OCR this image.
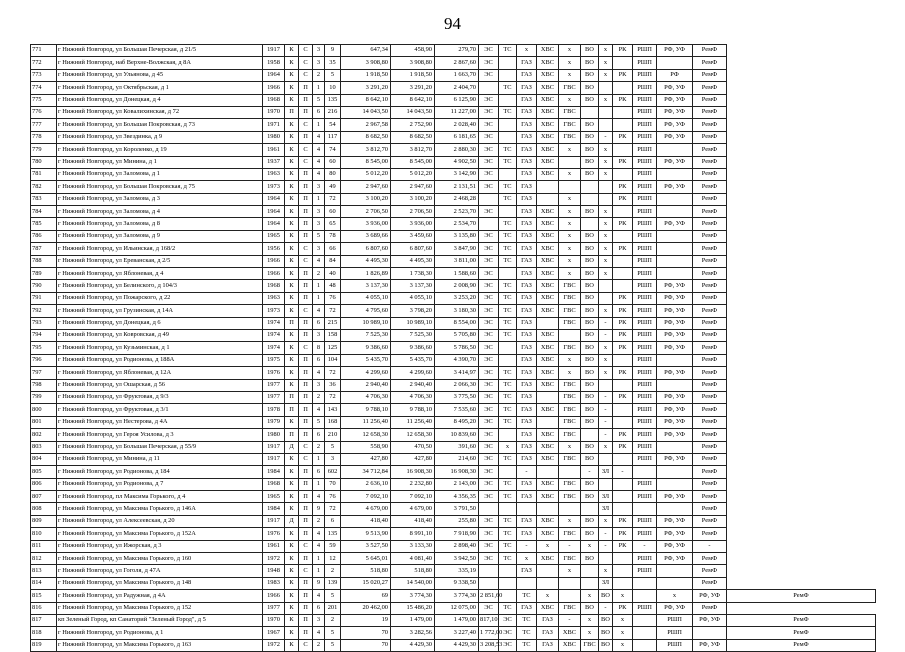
94
771	г Нижний Новгород, ул Большая Печерская, д 21/5	1917	К	С	3	9	647,34	458,90	279,70	ЭС	ТС	х	ХВС	х	ВО	х	РК	РШП	РФ, УФ	РемФ	
772	г Нижний Новгород, наб Верхне-Волжская, д 8А	1958	К	С	3	35	3 908,80	3 908,80	2 867,60	ЭС		ГАЗ	ХВС	х	ВО	х		РШП		РемФ	
773	г Нижний Новгород, ул Ульянова, д 45	1964	К	С	2	5	1 918,50	1 918,50	1 663,70	ЭС		ГАЗ	ХВС	х	ВО	х	РК	РШП	РФ	РемФ	
774	г Нижний Новгород, ул Октябрьская, д 1	1966	К	П	1	10	3 291,20	3 291,20	2 404,70		ТС	ГАЗ	ХВС	ГВС	ВО			РШП	РФ, УФ	РемФ	
775	г Нижний Новгород, ул Донецкая, д 4	1968	К	П	5	135	8 642,10	8 642,10	6 125,90	ЭС		ГАЗ	ХВС	х	ВО	х	РК	РШП	РФ, УФ	РемФ	
776	г Нижний Новгород, ул Ковалихинская, д 72	1970	П	П	6	216	14 043,50	14 043,50	11 227,00	ЭС	ТС	ГАЗ	ХВС	ГВС				РШП	РФ, УФ	РемФ	
777	г Нижний Новгород, ул Большая Покровская, д 73	1971	К	С	1	54	2 967,58	2 752,90	2 028,40	ЭС		ГАЗ	ХВС	ГВС	ВО			РШП	РФ, УФ	РемФ	
778	г Нижний Новгород, ул Звездинка, д 9	1980	К	П	4	117	8 682,50	8 682,50	6 181,65	ЭС		ГАЗ	ХВС	ГВС	ВО	-	РК	РШП	РФ, УФ	РемФ	
779	г Нижний Новгород, ул Короленко, д 19	1961	К	С	4	74	3 812,70	3 812,70	2 880,30	ЭС	ТС	ГАЗ	ХВС	х	ВО	х		РШП		РемФ	
780	г Нижний Новгород, ул Минина, д 1	1937	К	С	4	60	8 545,00	8 545,00	4 902,50	ЭС	ТС	ГАЗ	ХВС		ВО	х	РК	РШП	РФ, УФ	РемФ	
781	г Нижний Новгород, ул Заломова, д 1	1963	К	П	4	80	5 012,20	5 012,20	3 142,90	ЭС		ГАЗ	ХВС	х	ВО	х		РШП		РемФ	
782	г Нижний Новгород, ул Большая Покровская, д 75	1973	К	П	3	49	2 947,60	2 947,60	2 131,51	ЭС	ТС	ГАЗ					РК	РШП	РФ, УФ	РемФ	
783	г Нижний Новгород, ул Заломова, д 3	1964	К	П	1	72	3 100,20	3 100,20	2 468,28		ТС	ГАЗ		х			РК	РШП		РемФ	
784	г Нижний Новгород, ул Заломова, д 4	1964	К	П	3	60	2 706,50	2 706,50	2 523,70	ЭС		ГАЗ	ХВС	х	ВО	х		РШП		РемФ	
785	г Нижний Новгород, ул Заломова, д 8	1964	К	П	3	65	3 936,00	3 936,00	2 534,70		ТС	ГАЗ	ХВС	х		х	РК	РШП	РФ, УФ	РемФ	
786	г Нижний Новгород, ул Заломова, д 9	1965	К	П	5	78	3 689,66	3 459,60	3 135,80	ЭС	ТС	ГАЗ	ХВС	х	ВО	х		РШП		РемФ	
787	г Нижний Новгород, ул Ильинская, д 168/2	1956	К	С	3	66	6 807,60	6 807,60	3 847,90	ЭС	ТС	ГАЗ	ХВС	х	ВО	х	РК	РШП		РемФ	
788	г Нижний Новгород, ул Ереванская, д 2/5	1966	К	С	4	84	4 495,30	4 495,30	3 811,00	ЭС	ТС	ГАЗ	ХВС	х	ВО	х		РШП		РемФ	
789	г Нижний Новгород, ул Яблоневая, д 4	1966	К	П	2	40	1 826,89	1 738,30	1 588,60	ЭС		ГАЗ	ХВС	х	ВО	х		РШП		РемФ	
790	г Нижний Новгород, ул Белинского, д 104/3	1968	К	П	1	48	3 137,30	3 137,30	2 008,90	ЭС	ТС	ГАЗ	ХВС	ГВС	ВО			РШП	РФ, УФ	РемФ	
791	г Нижний Новгород, ул Пожарского, д 22	1963	К	П	1	76	4 055,10	4 055,10	3 253,20	ЭС	ТС	ГАЗ	ХВС	ГВС	ВО		РК	РШП	РФ, УФ	РемФ	
792	г Нижний Новгород, ул Грузинская, д 14А	1973	К	С	4	72	4 795,60	3 798,20	3 180,30	ЭС	ТС	ГАЗ	ХВС	ГВС	ВО	х	РК	РШП	РФ, УФ	РемФ	
793	г Нижний Новгород, ул Донецкая, д 6	1974	П	П	6	215	10 989,10	10 989,10	8 554,00	ЭС	ТС	ГАЗ		ГВС	ВО	-	РК	РШП	РФ, УФ	РемФ	
794	г Нижний Новгород, ул Ковровская, д 49	1974	К	П	3	158	7 525,30	7 525,30	5 705,80	ЭС	ТС	ГАЗ	ХВС		ВО	-	РК	РШП	РФ, УФ	РемФ	
795	г Нижний Новгород, ул Кузьминская, д 1	1974	К	С	8	125	9 386,60	9 386,60	5 786,50	ЭС		ГАЗ	ХВС	ГВС	ВО	х	РК	РШП	РФ, УФ	РемФ	
796	г Нижний Новгород, ул Родионова, д 188А	1975	К	П	6	104	5 435,70	5 435,70	4 390,70	ЭС		ГАЗ	ХВС	х	ВО	х		РШП		РемФ	
797	г Нижний Новгород, ул Яблоневая, д 12А	1976	К	П	4	72	4 299,60	4 299,60	3 414,97	ЭС	ТС	ГАЗ	ХВС	х	ВО	х	РК	РШП	РФ, УФ	РемФ	
798	г Нижний Новгород, ул Ошарская, д 56	1977	К	П	3	36	2 940,40	2 940,40	2 066,30	ЭС	ТС	ГАЗ	ХВС	ГВС	ВО			РШП		РемФ	
799	г Нижний Новгород, ул Фруктовая, д 9/3	1977	П	П	2	72	4 706,30	4 706,30	3 775,50	ЭС	ТС	ГАЗ		ГВС	ВО	-	РК	РШП	РФ, УФ	РемФ	
800	г Нижний Новгород, ул Фруктовая, д 3/1	1978	П	П	4	143	9 788,10	9 788,10	7 535,60	ЭС	ТС	ГАЗ	ХВС	ГВС	ВО	-		РШП	РФ, УФ	РемФ	
801	г Нижний Новгород, ул Нестерова, д 4А	1979	К	П	5	168	11 256,40	11 256,40	8 495,20	ЭС	ТС	ГАЗ		ГВС	ВО	-		РШП	РФ, УФ	РемФ	
802	г Нижний Новгород, ул Героя Усилова, д 3	1980	П	П	6	210	12 658,30	12 658,30	10 839,60	ЭС		ГАЗ	ХВС	ГВС		-	РК	РШП	РФ, УФ	РемФ	
803	г Нижний Новгород, ул Большая Печерская, д 55/9	1917	Д	С	2	5	558,90	470,50	391,60	ЭС	х	ГАЗ	ХВС	х	ВО	х	РК	РШП		РемФ	
804	г Нижний Новгород, ул Минина, д 11	1917	К	С	1	3	427,80	427,80	214,60	ЭС	ТС	ГАЗ	ХВС	ГВС	ВО			РШП	РФ, УФ	РемФ	
805	г Нижний Новгород, ул Родионова, д 184	1984	К	П	6	602	34 712,84	16 908,30	16 908,30	ЭС		-			-	ЗЛ	-			РемФ	
806	г Нижний Новгород, ул Родионова, д 7	1968	К	П	1	70	2 636,10	2 232,80	2 143,00	ЭС	ТС	ГАЗ	ХВС	ГВС	ВО			РШП		РемФ	
807	г Нижний Новгород, пл Максима Горького, д 4	1965	К	П	4	76	7 092,10	7 092,10	4 356,35	ЭС	ТС	ГАЗ	ХВС	ГВС	ВО	ЗЛ		РШП	РФ, УФ	РемФ	
808	г Нижний Новгород, ул Максима Горького, д 146А	1984	К	П	9	72	4 679,00	4 679,00	3 791,50							ЗЛ				РемФ	
809	г Нижний Новгород, ул Алексеевская, д 20	1917	Д	П	2	6	418,40	418,40	255,80	ЭС	ТС	ГАЗ	ХВС	х	ВО	х	РК	РШП	РФ, УФ	РемФ	
810	г Нижний Новгород, ул Максима Горького, д 152А	1976	К	П	4	135	9 513,90	8 991,10	7 918,90	ЭС	ТС	ГАЗ	ХВС	ГВС	ВО	-	РК	РШП	РФ, УФ	РемФ	
811	г Нижний Новгород, ул Ижорская, д 3	1961	К	С	4	59	3 527,50	3 133,30	2 898,40	ЭС	ТС	-	х	-	х	-	РК	-	РФ, УФ	-	
812	г Нижний Новгород, ул Максима Горького, д 160	1972	К	П	1	12	5 645,01	4 081,40	3 942,50	ЭС	ТС	х	ХВС	ГВС	ВО			РШП	РФ, УФ	РемФ	
813	г Нижний Новгород, ул Гоголя, д 47А	1948	К	С	1	2	518,80	518,80	335,19			ГАЗ		х		х		РШП		РемФ	
814	г Нижний Новгород, ул Максима Горького, д 148	1983	К	П	9	139	15 020,27	14 540,00	9 338,50							ЗЛ				РемФ	
815	г Нижний Новгород, ул Радужная, д 4А	1966	К	П	4	5	69	3 774,30	3 774,30	2 851,60		ТС	х		х	ВО	х		х	РФ, УФ	РемФ
816	г Нижний Новгород, ул Максима Горького, д 152	1977	К	П	6	201	20 462,00	15 486,20	12 075,00	ЭС	ТС	ГАЗ	ХВС	ГВС	ВО	-	РК	РШП	РФ, УФ	РемФ	
817	кп Зеленый Город, кп Санаторий "Зеленый Город", д 5	1970	К	П	3	2	19	1 479,00	1 479,00	817,10	ЭС	ТС	ГАЗ	-	х	ВО	х		РШП	РФ, УФ	РемФ
818	г Нижний Новгород, ул Родионова, д 1	1967	К	П	4	5	70	3 282,56	3 227,40	1 772,00	ЭС	ТС	ГАЗ	ХВС	х	ВО	х		РШП		РемФ
819	г Нижний Новгород, ул Максима Горького, д 163	1972	К	С	2	5	70	4 429,30	4 429,30	3 208,53	ЭС	ТС	ГАЗ	ХВС	ГВС	ВО	х		РШП	РФ, УФ	РемФ
